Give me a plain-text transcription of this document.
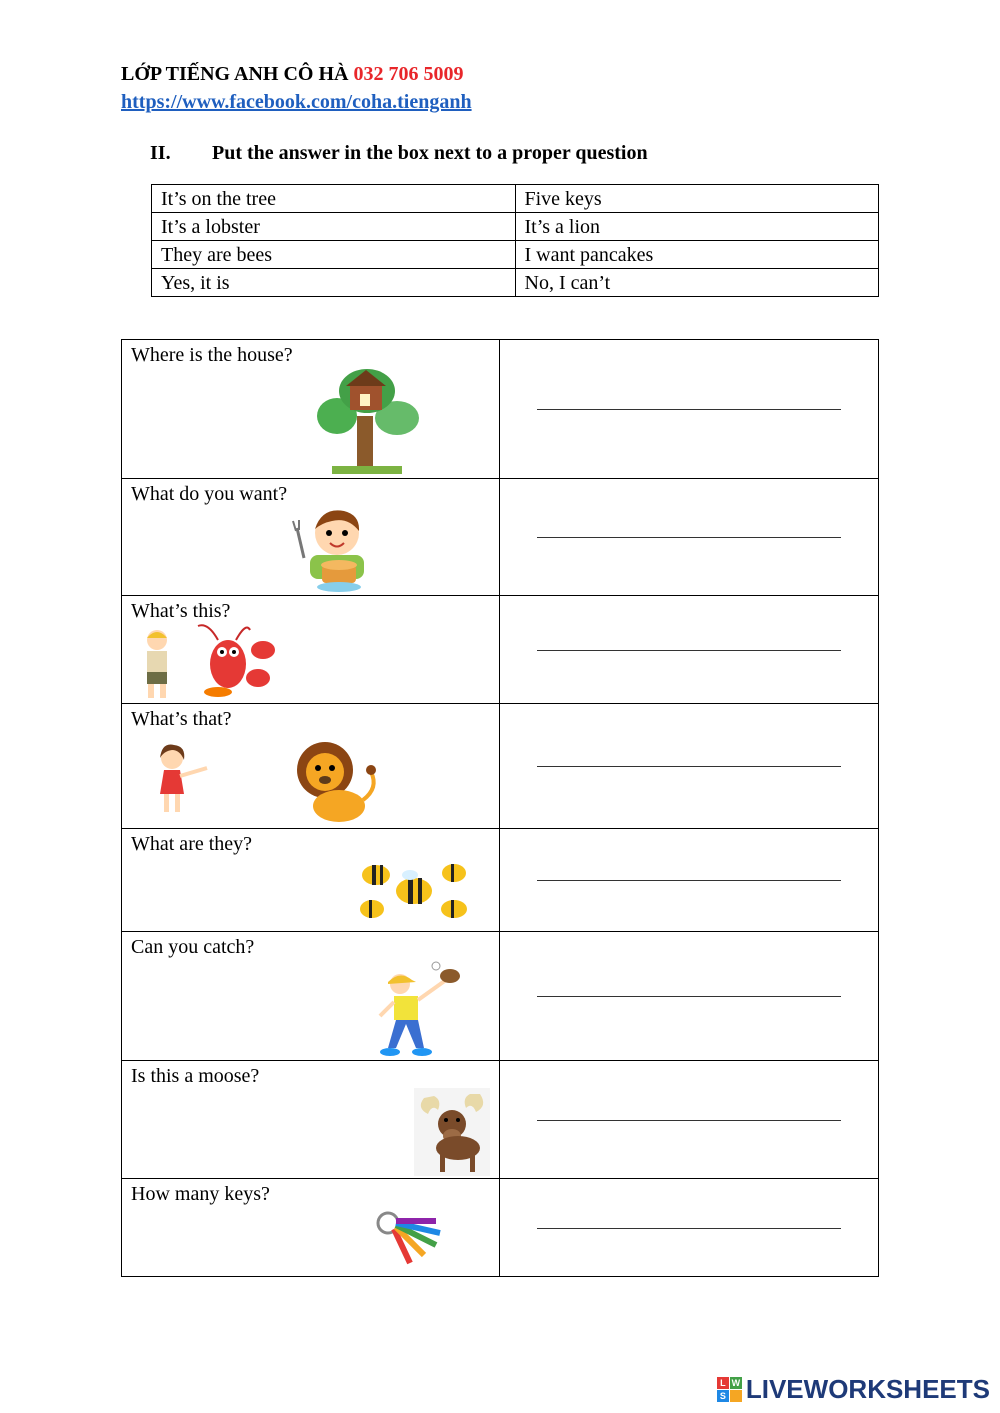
LỚP TIẾNG ANH CÔ HÀ 032 706 5009
https://www.facebook.com/coha.tienganh
II.	Put the answer in the box next to a proper question
It’s on the tree	Five keys
It’s a lobster	It’s a lion
They are bees	I want pancakes
Yes, it is	No, I can’t
Where is the house?	

What do you want?	

What’s this?	

What’s that?	

What are they?	

Can you catch?	

Is this a moose?	

How many keys?	

L W
S LIVEWORKSHEETS
